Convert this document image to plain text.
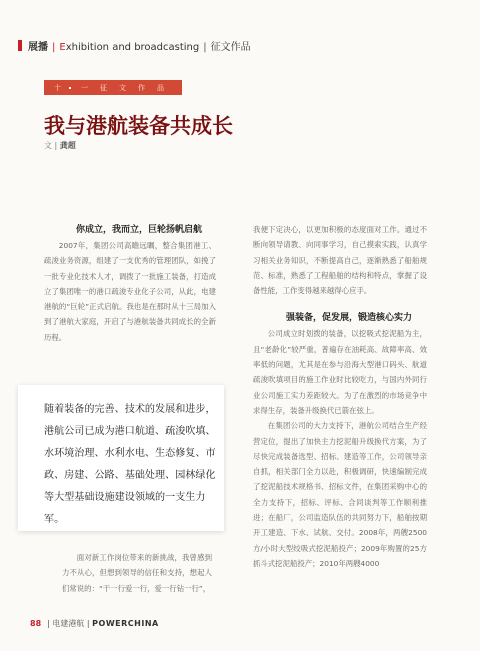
展播 | Exhibition and broadcasting | 征文作品
十	一 征 文 作 品
我与港航装备共成长
文 | 龚超

你成立，我而立，巨轮扬帆启航

2007年，集团公司高瞻远瞩，整合集团港工、疏浚业务资源，组建了一支优秀的管理团队，如挽了一批专业化技术人才，调拨了一批施工装备，打造成立了集团唯一的港口疏浚专业化子公司，从此，电建港航的“巨轮”正式启航。我也是在那时从十三局加入到了港航大家庭，开启了与港航装备共同成长的全新历程。

随着装备的完善、技术的发展和进步，港航公司已成为港口航道、疏浚吹填、水环境治理、水利水电、生态修复、市政、房建、公路、基础处理、园林绿化等大型基础设施建设领域的一支生力军。

面对新工作岗位带来的新挑战，我曾感到力不从心，但想到领导的信任和支持，想起人们常说的：“干一行爱一行，爱一行钻一行”，

我便下定决心，以更加积极的态度面对工作。通过不断向领导请教、向同事学习，自己摸索实践，认真学习相关业务知识，不断提高自己，逐渐熟悉了船舶规范、标准，熟悉了工程船舶的结构和特点，掌握了设备性能，工作变得越来越得心应手。

强装备，促发展，锻造核心实力

公司成立时划拨的装备，以挖吸式挖泥船为主，且“老龄化”较严重，普遍存在油耗高、故障率高、效率低的问题，尤其是在参与沿海大型港口码头、航道疏浚吹填项目的施工作业时比较吃力，与国内外同行业公司施工实力差距较大。为了在激烈的市场竞争中求得生存，装备升级换代已箭在弦上。

在集团公司的大力支持下，港航公司结合生产经营定位，提出了加快主力挖泥船升级换代方案，为了尽快完成装备选型、招标、建造等工作，公司领导亲自抓，相关部门全力以赴，积极调研，快速编制完成了挖泥船技术规格书、招标文件，在集团采购中心的全力支持下，招标、评标、合同谈判等工作顺利推进；在船厂，公司监造队伍的共同努力下，船舶按期开工建造、下水、试航、交付。2008年，两艘2500方/小时大型绞吸式挖泥船投产；2009年购置的25方抓斗式挖泥船投产；2010年两艘4000

88 | 电建港航 | POWERCHINA
